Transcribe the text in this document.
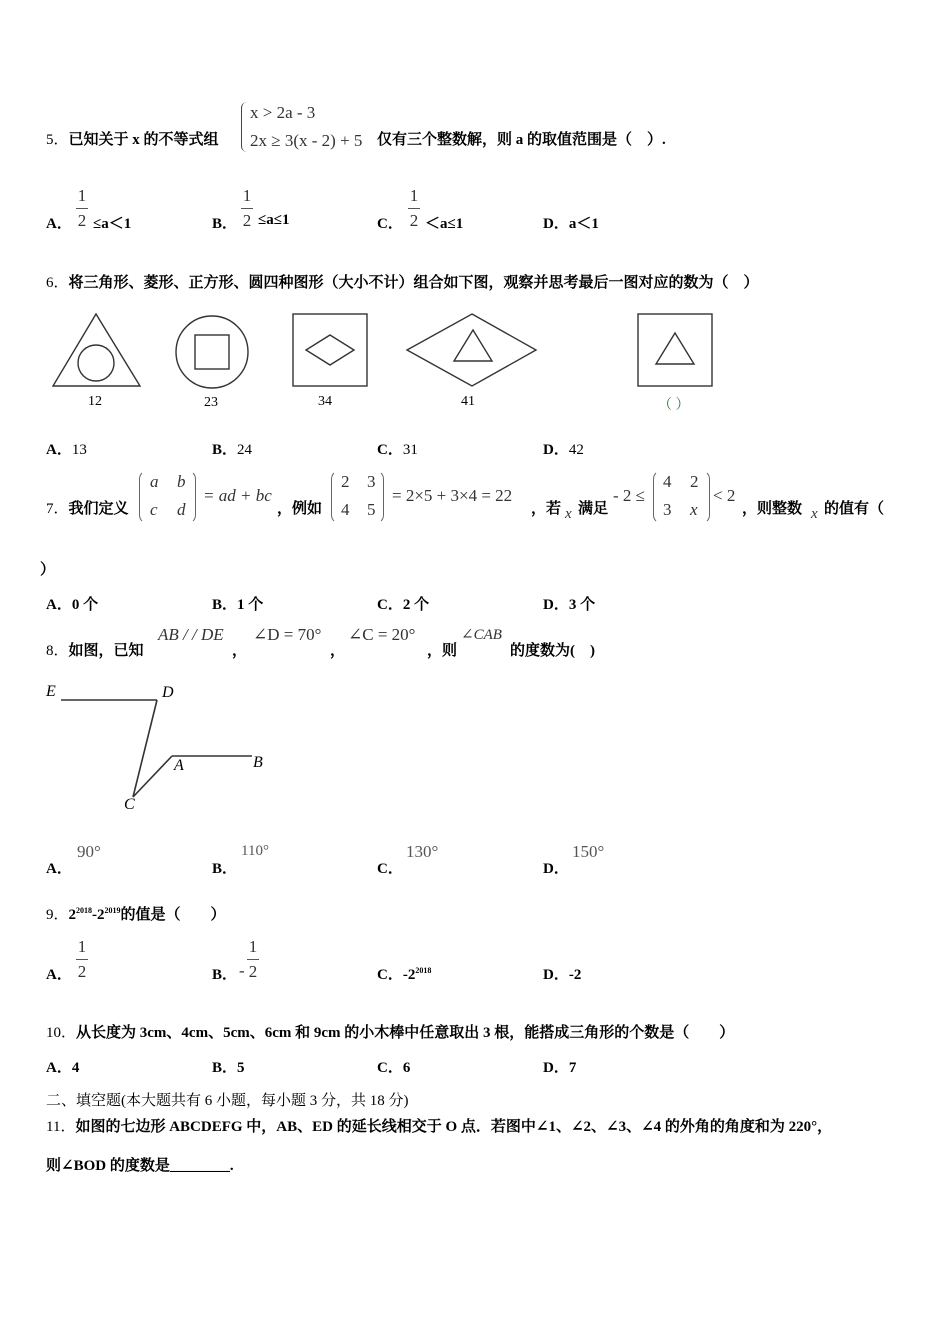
5．已知关于 x 的不等式组
x > 2a - 3
2x ≥ 3(x - 2) + 5 仅有三个整数解，则 a 的取值范围是（　）.
A．
1
2 ≤a＜1	B．
1
2 ≤a≤1	C．
1
2 ＜a≤1	D．a＜1
6．将三角形、菱形、正方形、圆四种图形（大小不计）组合如下图，观察并思考最后一图对应的数为（　）
12	23	34	41	（ ）
A．13	B．24	C．31	D．42
7．我们定义
a b
c d
= ad + bc
，例如
2 3
4 5
= 2×5 + 3×4 = 22
，若 x 满足
- 2 ≤
4 2
3 x
< 2
，则整数 x 的值有（
）
A．0 个	B．1 个	C．2 个	D．3 个
8．如图，已知
AB / / DE
，
∠D = 70°
，
∠C = 20°
，则
∠CAB
的度数为(　)
E	D
A	B
C
A．
90°
B．
110°
C．
130°
D．
150°
9．$2^{2018}-2^{2019}$的值是（　　）
A．
1
2	B． -
1
2	C．$-2^{2018}$	D．-2
10．从长度为 3cm、4cm、5cm、6cm 和 9cm 的小木棒中任意取出 3 根，能搭成三角形的个数是（　　）
A．4	B．5	C．6	D．7
二、填空题(本大题共有 6 小题，每小题 3 分，共 18 分)
11．如图的七边形 ABCDEFG 中，AB、ED 的延长线相交于 O 点．若图中∠1、∠2、∠3、∠4 的外角的角度和为 220°，
则∠BOD 的度数是________.
